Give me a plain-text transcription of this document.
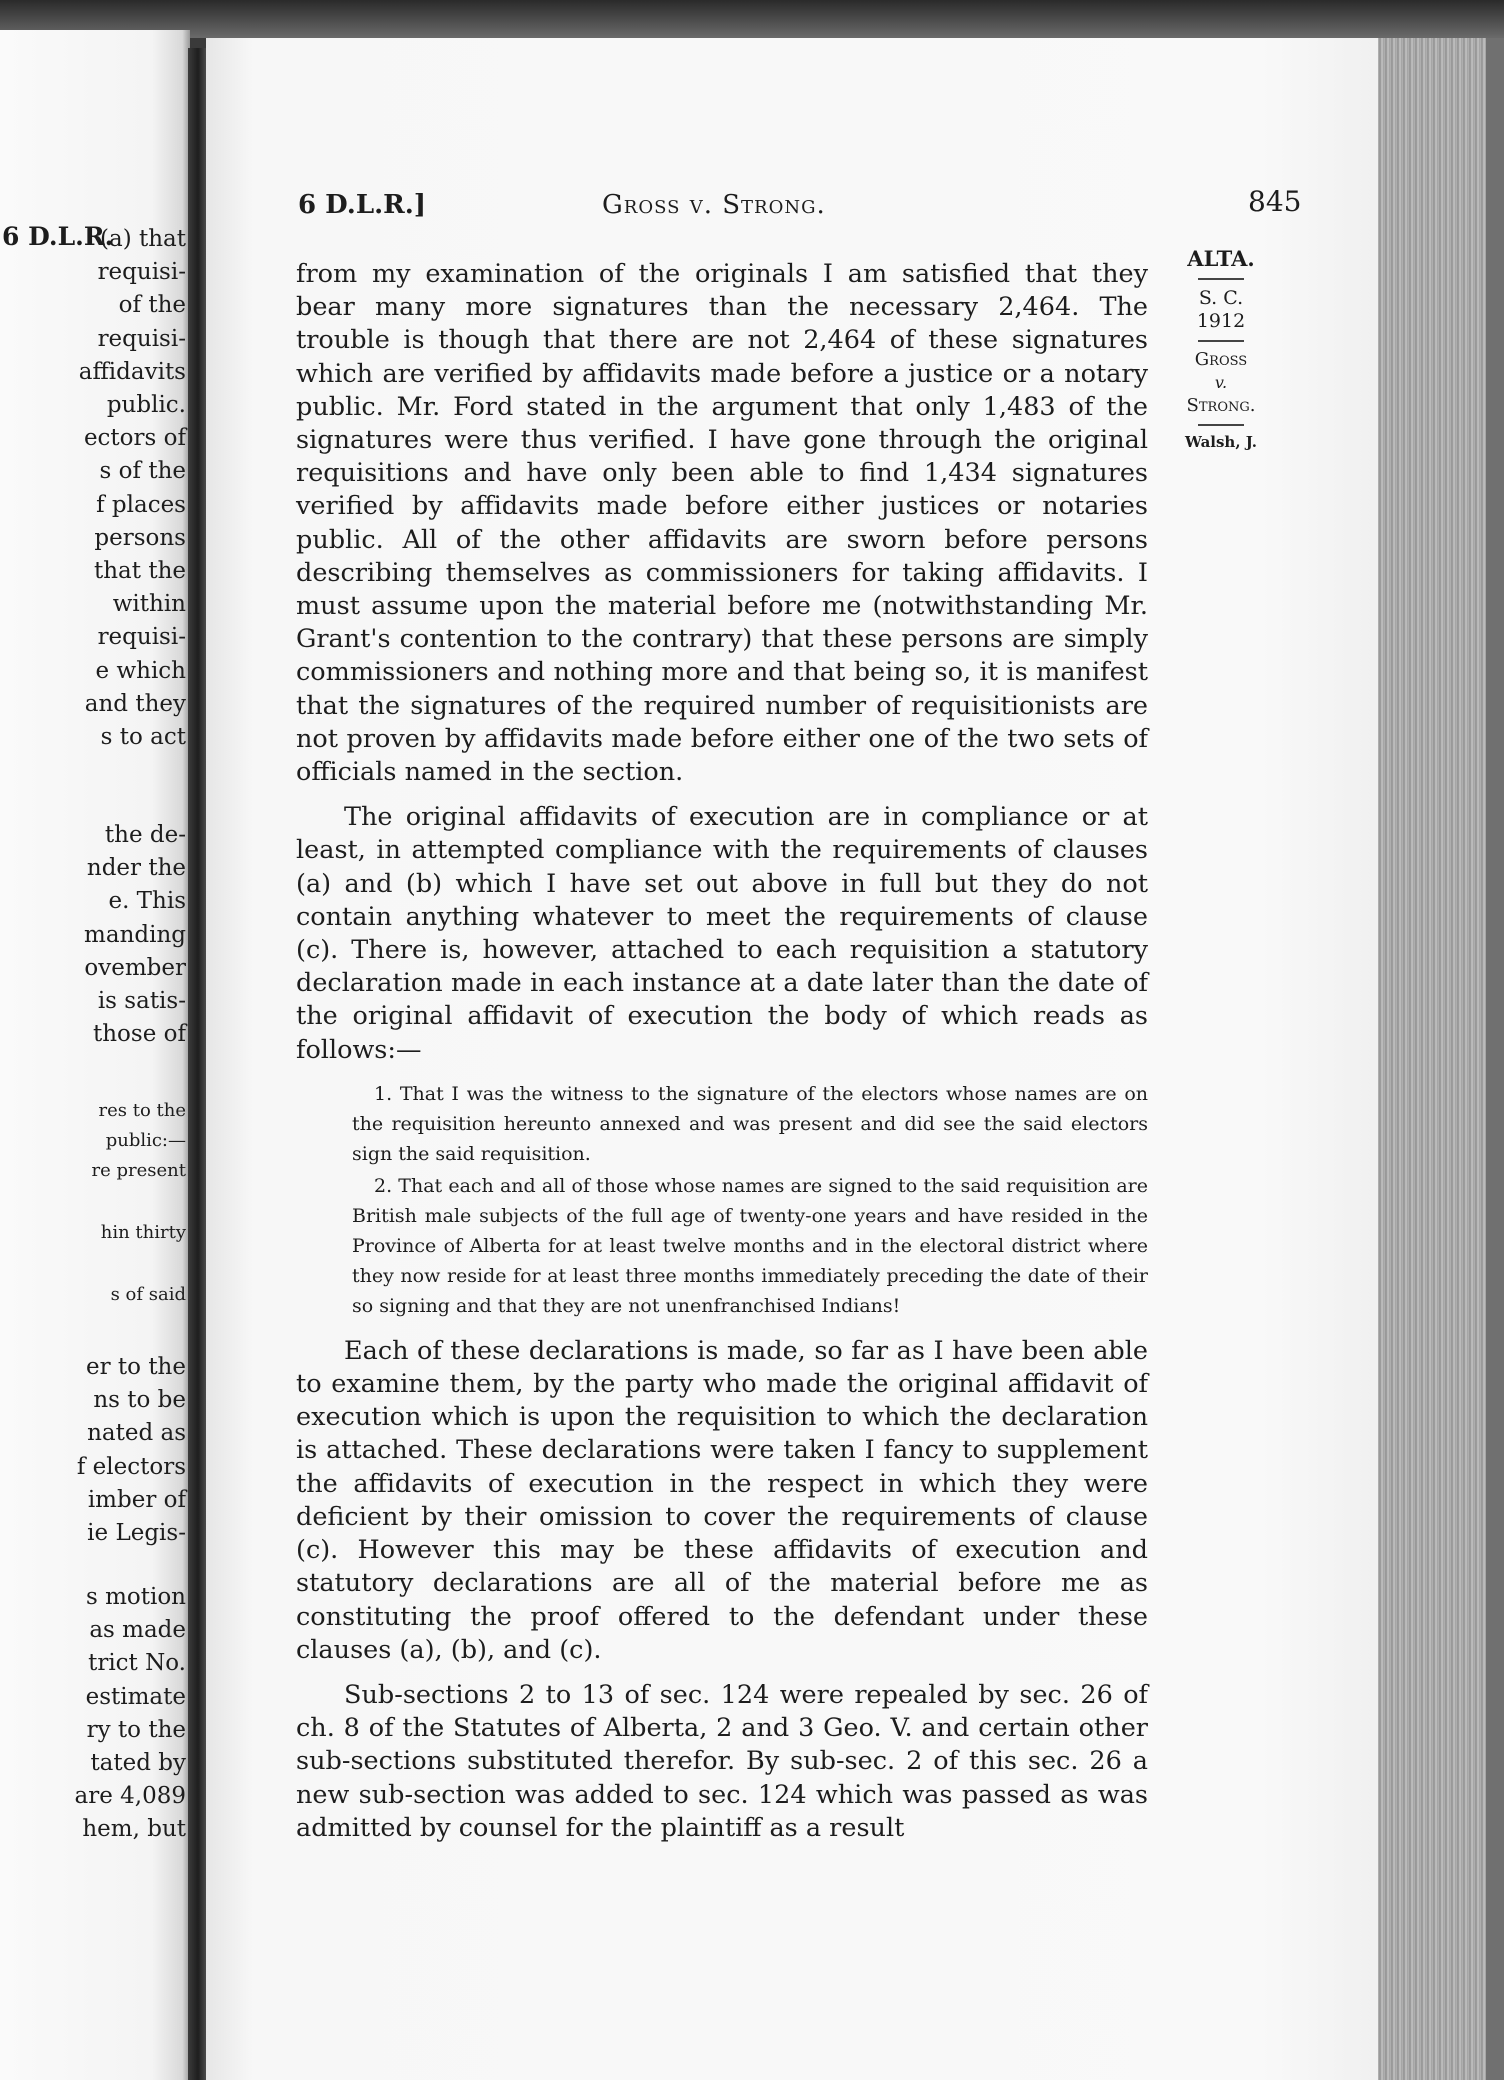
6 D.L.R.
(a) that
requisi-
of the
requisi-
affidavits
public.
ectors of
s of the
f places
persons
that the
within
requisi-
e which
and they
s to act
the de-
nder the
e. This
manding
ovember
is satis-
those of
res to the
public:—
re present
hin thirty
s of said
er to the
ns to be
nated as
f electors
imber of
ie Legis-
s motion
as made
trict No.
estimate
ry to the
tated by
are 4,089
hem, but
6 D.L.R.]	Gross v. Strong.	845
ALTA.
S. C.
1912
Gross
v.
Strong.
Walsh, J.

from my examination of the originals I am satisfied that they bear many more signatures than the necessary 2,464. The trouble is though that there are not 2,464 of these signatures which are verified by affidavits made before a justice or a notary public. Mr. Ford stated in the argument that only 1,483 of the signatures were thus verified. I have gone through the original requisitions and have only been able to find 1,434 signatures verified by affidavits made before either justices or notaries public. All of the other affidavits are sworn before persons describing themselves as commissioners for taking affidavits. I must assume upon the material before me (notwithstanding Mr. Grant's contention to the contrary) that these persons are simply commissioners and nothing more and that being so, it is manifest that the signatures of the required number of requisitionists are not proven by affidavits made before either one of the two sets of officials named in the section.

The original affidavits of execution are in compliance or at least, in attempted compliance with the requirements of clauses (a) and (b) which I have set out above in full but they do not contain anything whatever to meet the requirements of clause (c). There is, however, attached to each requisition a statutory declaration made in each instance at a date later than the date of the original affidavit of execution the body of which reads as follows:—

1. That I was the witness to the signature of the electors whose names are on the requisition hereunto annexed and was present and did see the said electors sign the said requisition.
2. That each and all of those whose names are signed to the said requisition are British male subjects of the full age of twenty-one years and have resided in the Province of Alberta for at least twelve months and in the electoral district where they now reside for at least three months immediately preceding the date of their so signing and that they are not unenfranchised Indians!

Each of these declarations is made, so far as I have been able to examine them, by the party who made the original affidavit of execution which is upon the requisition to which the declaration is attached. These declarations were taken I fancy to supplement the affidavits of execution in the respect in which they were deficient by their omission to cover the requirements of clause (c). However this may be these affidavits of execution and statutory declarations are all of the material before me as constituting the proof offered to the defendant under these clauses (a), (b), and (c).

Sub-sections 2 to 13 of sec. 124 were repealed by sec. 26 of ch. 8 of the Statutes of Alberta, 2 and 3 Geo. V. and certain other sub-sections substituted therefor. By sub-sec. 2 of this sec. 26 a new sub-section was added to sec. 124 which was passed as was admitted by counsel for the plaintiff as a result
